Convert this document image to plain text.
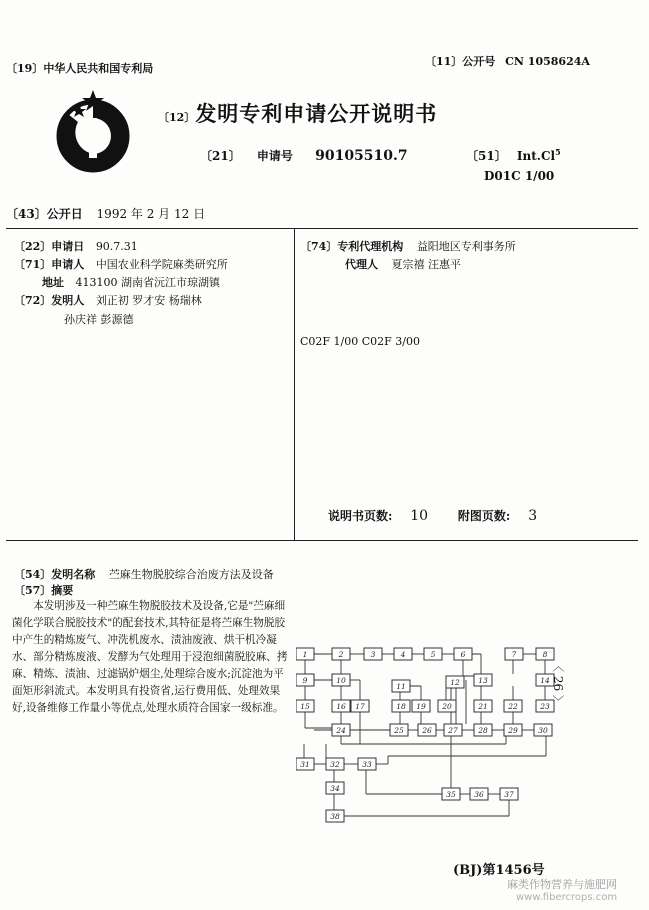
〔19〕中华人民共和国专利局
〔11〕公开号 CN 1058624A
〔12〕发明专利申请公开说明书
〔21〕 申请号 90105510.7	〔51〕 Int.Cl$^5$
D01C 1/00
〔43〕公开日 1992 年 2 月 12 日
〔22〕申请日 90.7.31
〔71〕申请人 中国农业科学院麻类研究所
地址 413100 湖南省沅江市琼湖镇
〔72〕发明人 刘正初 罗才安 杨瑞林
孙庆祥 彭源德
〔74〕专利代理机构 益阳地区专利事务所
代理人 夏宗禧 汪惠平
C02F 1/00 C02F 3/00
说明书页数: 10 附图页数: 3
〔54〕发明名称 苎麻生物脱胶综合治废方法及设备
〔57〕摘要
本发明涉及一种苎麻生物脱胶技术及设备,它是"苎麻细菌化学联合脱胶技术"的配套技术,其特征是将苎麻生物脱胶中产生的精炼废气、冲洗机废水、渍油废液、烘干机冷凝水、部分精炼废液、发酵为气处理用于浸泡细菌脱胶麻、拷麻、精炼、渍油、过滤锅炉烟尘,处理综合废水;沉淀池为平面矩形斜流式。本发明具有投资省,运行费用低、处理效果好,设备维修工作量小等优点,处理水质符合国家一级标准。
1	2	3	4	5	6	7	8
9	10
11	12 13	14
15	16 17	18 19 20	21	22	23
24	25 26 27	28	29	30
31	32	33
34
35 36	37
38
〈 26 〉
(BJ)第1456号
麻类作物营养与施肥网
www.fibercrops.com
